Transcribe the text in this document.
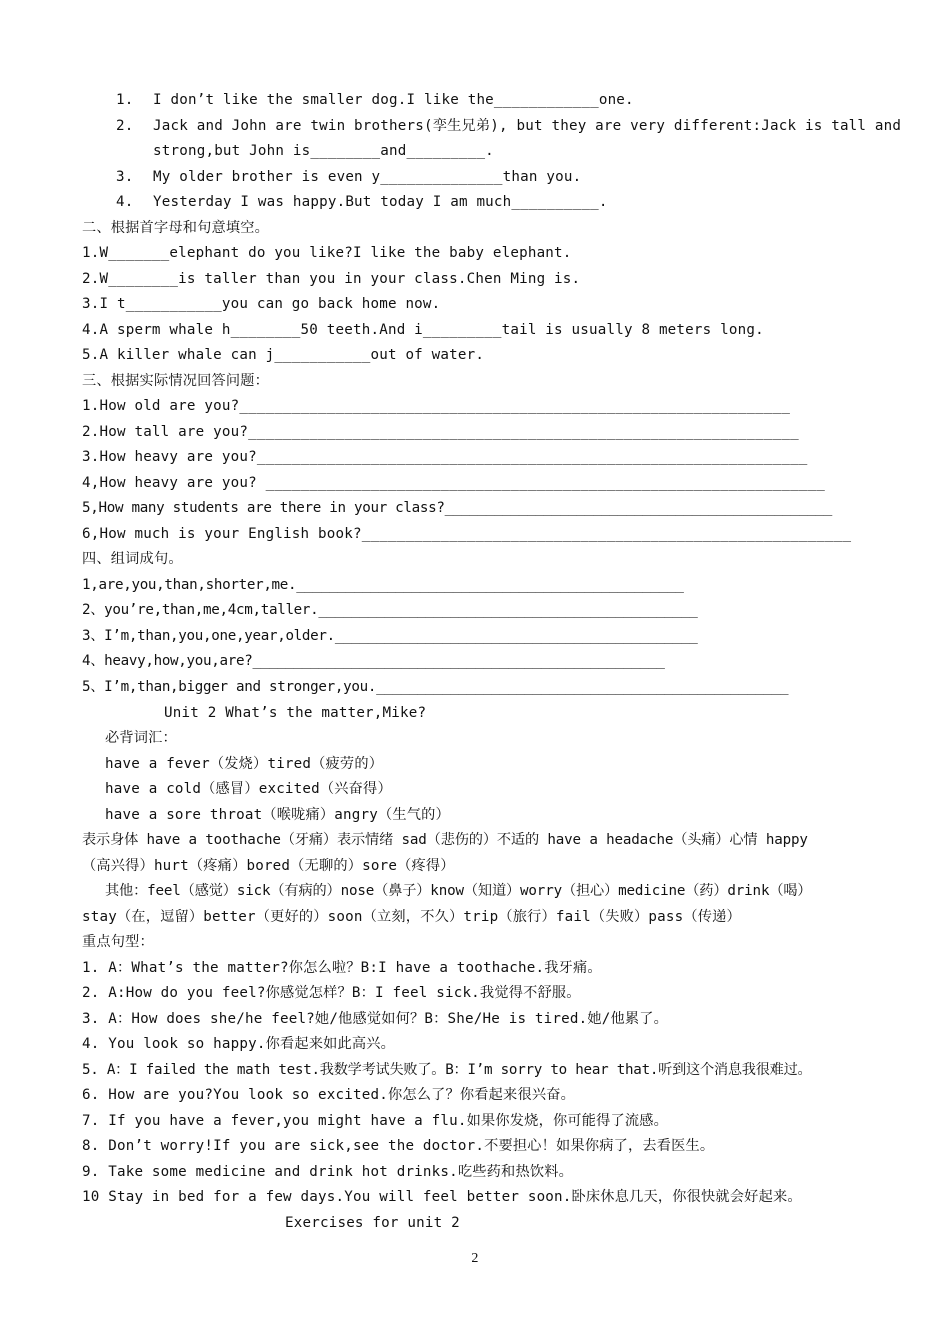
1. I don’t like the smaller dog.I like the____________one.
2. Jack and John are twin brothers(孪生兄弟), but they are very different:Jack is tall and
strong,but John is________and_________.
3. My older brother is even y______________than you.
4. Yesterday I was happy.But today I am much__________.
二、根据首字母和句意填空。
1.W_______elephant do you like?I like the baby elephant.
2.W________is taller than you in your class.Chen Ming is.
3.I t___________you can go back home now.
4.A sperm whale h________50 teeth.And i_________tail is usually 8 meters long.
5.A killer whale can j___________out of water.
三、根据实际情况回答问题：
1.How old are you?_______________________________________________________________
2.How tall are you?_______________________________________________________________
3.How heavy are you?_______________________________________________________________
4,How heavy are you? ________________________________________________________________
5,How many students are there in your class?_______________________________________________
6,How much is your English book?________________________________________________________
四、组词成句。
1,are,you,than,shorter,me._______________________________________________
2、you’re,than,me,4cm,taller.______________________________________________
3、I’m,than,you,one,year,older.____________________________________________
4、heavy,how,you,are?__________________________________________________
5、I’m,than,bigger and stronger,you.__________________________________________________
Unit 2 What’s the matter,Mike?
必背词汇：
have a fever（发烧）tired（疲劳的）
have a cold（感冒）excited（兴奋得）
have a sore throat（喉咙痛）angry（生气的）
表示身体 have a toothache（牙痛）表示情绪 sad（悲伤的）不适的 have a headache（头痛）心情 happy
（高兴得）hurt（疼痛）bored（无聊的）sore（疼得）
其他：feel（感觉）sick（有病的）nose（鼻子）know（知道）worry（担心）medicine（药）drink（喝）
stay（在，逗留）better（更好的）soon（立刻，不久）trip（旅行）fail（失败）pass（传递）
重点句型：
1. A：What’s the matter?你怎么啦？B:I have a toothache.我牙痛。
2. A:How do you feel?你感觉怎样？B：I feel sick.我觉得不舒服。
3. A：How does she/he feel?她/他感觉如何？B：She/He is tired.她/他累了。
4. You look so happy.你看起来如此高兴。
5. A：I failed the math test.我数学考试失败了。B：I’m sorry to hear that.听到这个消息我很难过。
6. How are you?You look so excited.你怎么了？你看起来很兴奋。
7. If you have a fever,you might have a flu.如果你发烧，你可能得了流感。
8. Don’t worry!If you are sick,see the doctor.不要担心！如果你病了，去看医生。
9. Take some medicine and drink hot drinks.吃些药和热饮料。
10 Stay in bed for a few days.You will feel better soon.卧床休息几天，你很快就会好起来。
Exercises for unit 2
2
